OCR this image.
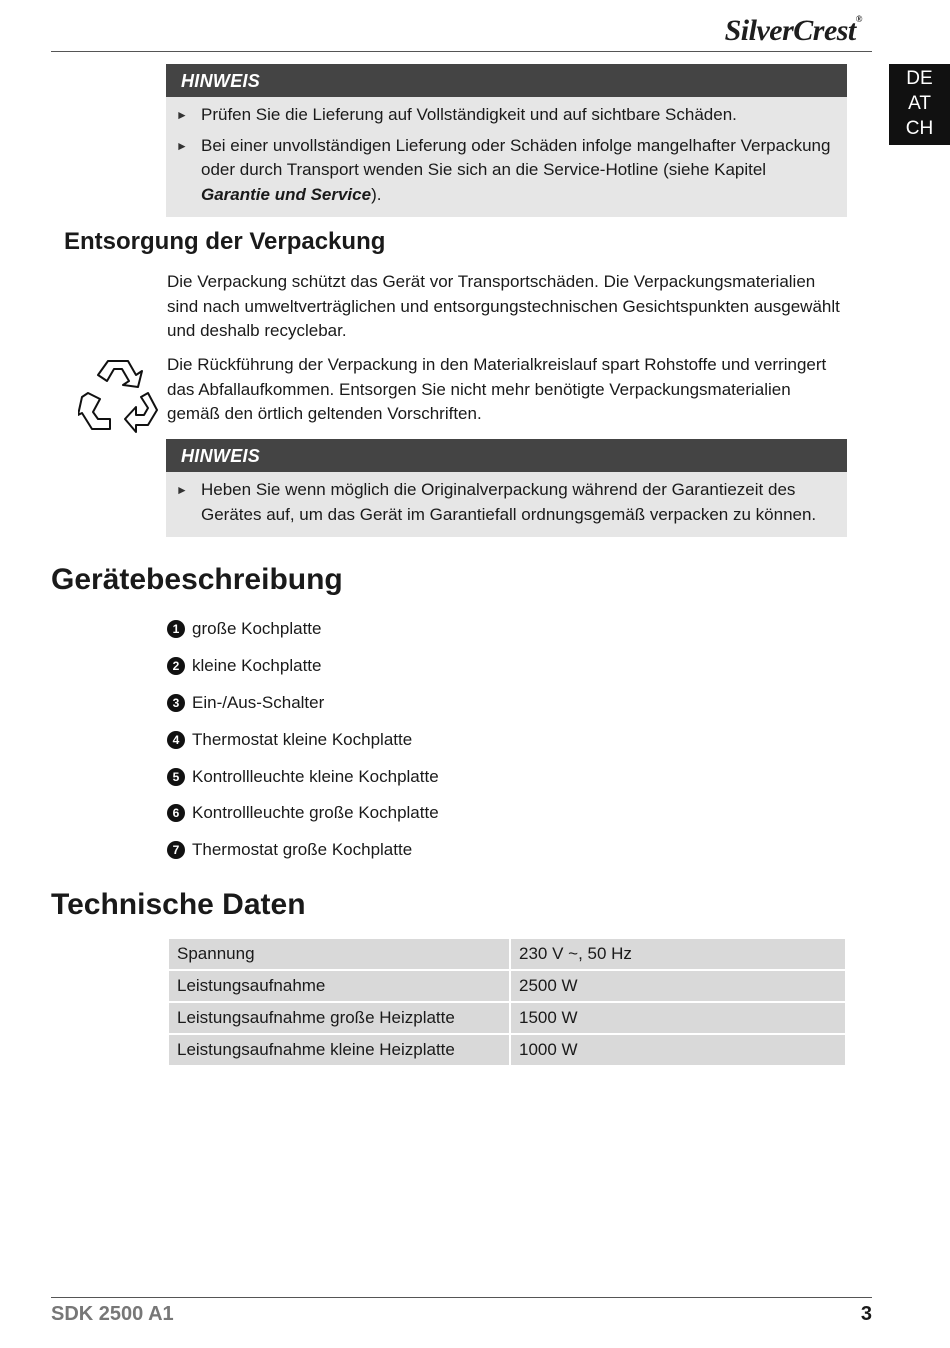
SilverCrest®
DE
AT
CH
HINWEIS
► Prüfen Sie die Lieferung auf Vollständigkeit und auf sichtbare Schäden.
► Bei einer unvollständigen Lieferung oder Schäden infolge mangelhafter Verpackung oder durch Transport wenden Sie sich an die Service-Hotline (siehe Kapitel Garantie und Service).
Entsorgung der Verpackung

Die Verpackung schützt das Gerät vor Transportschäden. Die Verpackungsmaterialien sind nach umweltverträglichen und entsorgungstechnischen Gesichtspunkten ausgewählt und deshalb recyclebar.

Die Rückführung der Verpackung in den Materialkreislauf spart Rohstoffe und verringert das Abfallaufkommen. Entsorgen Sie nicht mehr benötigte Verpackungsmaterialien gemäß den örtlich geltenden Vorschriften.

HINWEIS
► Heben Sie wenn möglich die Originalverpackung während der Garantiezeit des Gerätes auf, um das Gerät im Garantiefall ordnungsgemäß verpacken zu können.
Gerätebeschreibung
1 große Kochplatte
2 kleine Kochplatte
3 Ein-/Aus-Schalter
4 Thermostat kleine Kochplatte
5 Kontrollleuchte kleine Kochplatte
6 Kontrollleuchte große Kochplatte
7 Thermostat große Kochplatte
Technische Daten
Spannung	230 V ~, 50 Hz
Leistungsaufnahme	2500 W
Leistungsaufnahme große Heizplatte	1500 W
Leistungsaufnahme kleine Heizplatte	1000 W
SDK 2500 A1	3
